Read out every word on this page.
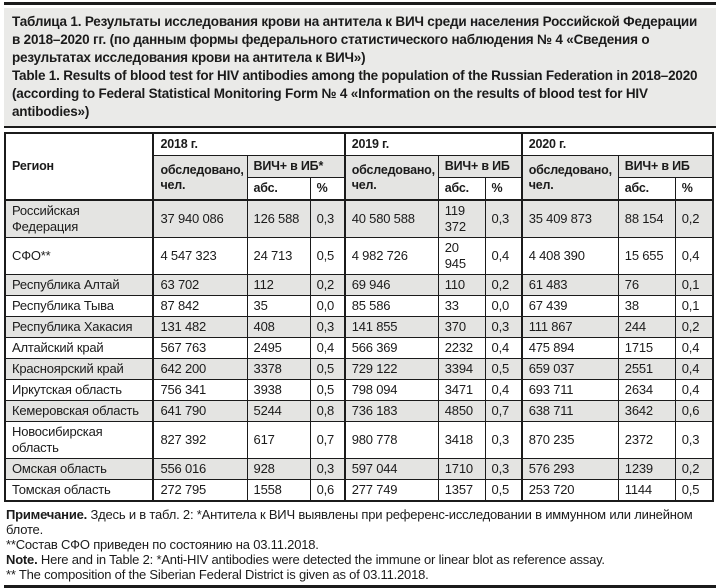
Таблица 1. Результаты исследования крови на антитела к ВИЧ среди населения Российской Федерации в 2018–2020 гг. (по данным формы федерального статистического наблюдения № 4 «Сведения о результатах исследования крови на антитела к ВИЧ»)

Table 1. Results of blood test for HIV antibodies among the population of the Russian Federation in 2018–2020 (according to Federal Statistical Monitoring Form № 4 «Information on the results of blood test for HIV antibodies»)

Регион	2018 г.			2019 г.			2020 г.		
	обследовано, чел.	ВИЧ+ в ИБ*		обследовано, чел.	ВИЧ+ в ИБ		обследовано, чел.	ВИЧ+ в ИБ	
		абс.	%		абс.	%		абс.	%
Российская Федерация	37 940 086	126 588	0,3	40 580 588	119 372	0,3	35 409 873	88 154	0,2
СФО**	4 547 323	24 713	0,5	4 982 726	20 945	0,4	4 408 390	15 655	0,4
Республика Алтай	63 702	112	0,2	69 946	110	0,2	61 483	76	0,1
Республика Тыва	87 842	35	0,0	85 586	33	0,0	67 439	38	0,1
Республика Хакасия	131 482	408	0,3	141 855	370	0,3	111 867	244	0,2
Алтайский край	567 763	2495	0,4	566 369	2232	0,4	475 894	1715	0,4
Красноярский край	642 200	3378	0,5	729 122	3394	0,5	659 037	2551	0,4
Иркутская область	756 341	3938	0,5	798 094	3471	0,4	693 711	2634	0,4
Кемеровская область	641 790	5244	0,8	736 183	4850	0,7	638 711	3642	0,6
Новосибирская область	827 392	617	0,7	980 778	3418	0,3	870 235	2372	0,3
Омская область	556 016	928	0,3	597 044	1710	0,3	576 293	1239	0,2
Томская область	272 795	1558	0,6	277 749	1357	0,5	253 720	1144	0,5

Примечание. Здесь и в табл. 2: *Антитела к ВИЧ выявлены при референс-исследовании в иммунном или линейном блоте.

**Состав СФО приведен по состоянию на 03.11.2018.

Note. Here and in Table 2: *Anti-HIV antibodies were detected the immune or linear blot as reference assay.

** The composition of the Siberian Federal District is given as of 03.11.2018.
